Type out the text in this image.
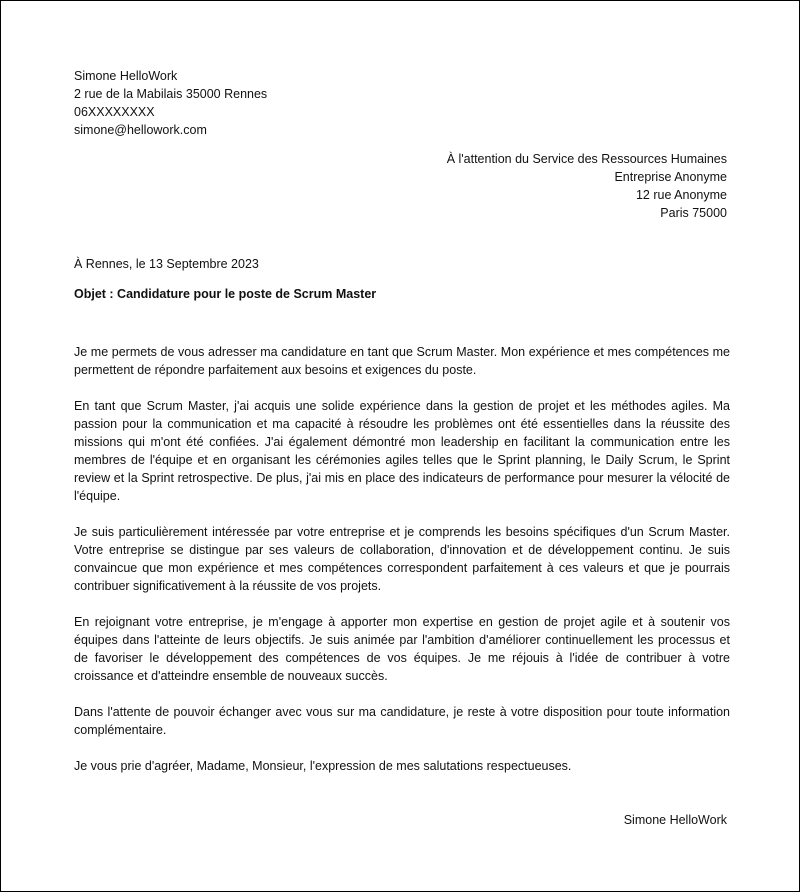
Simone HelloWork
2 rue de la Mabilais 35000 Rennes
06XXXXXXXX
simone@hellowork.com
À l'attention du Service des Ressources Humaines
Entreprise Anonyme
12 rue Anonyme
Paris 75000
À Rennes, le 13 Septembre 2023
Objet : Candidature pour le poste de Scrum Master

Je me permets de vous adresser ma candidature en tant que Scrum Master. Mon expérience et mes compétences me permettent de répondre parfaitement aux besoins et exigences du poste.

En tant que Scrum Master, j'ai acquis une solide expérience dans la gestion de projet et les méthodes agiles. Ma passion pour la communication et ma capacité à résoudre les problèmes ont été essentielles dans la réussite des missions qui m'ont été confiées. J'ai également démontré mon leadership en facilitant la communication entre les membres de l'équipe et en organisant les cérémonies agiles telles que le Sprint planning, le Daily Scrum, le Sprint review et la Sprint retrospective. De plus, j'ai mis en place des indicateurs de performance pour mesurer la vélocité de l'équipe.

Je suis particulièrement intéressée par votre entreprise et je comprends les besoins spécifiques d'un Scrum Master. Votre entreprise se distingue par ses valeurs de collaboration, d'innovation et de développement continu. Je suis convaincue que mon expérience et mes compétences correspondent parfaitement à ces valeurs et que je pourrais contribuer significativement à la réussite de vos projets.

En rejoignant votre entreprise, je m'engage à apporter mon expertise en gestion de projet agile et à soutenir vos équipes dans l'atteinte de leurs objectifs. Je suis animée par l'ambition d'améliorer continuellement les processus et de favoriser le développement des compétences de vos équipes. Je me réjouis à l'idée de contribuer à votre croissance et d'atteindre ensemble de nouveaux succès.

Dans l'attente de pouvoir échanger avec vous sur ma candidature, je reste à votre disposition pour toute information complémentaire.

Je vous prie d'agréer, Madame, Monsieur, l'expression de mes salutations respectueuses.

Simone HelloWork
